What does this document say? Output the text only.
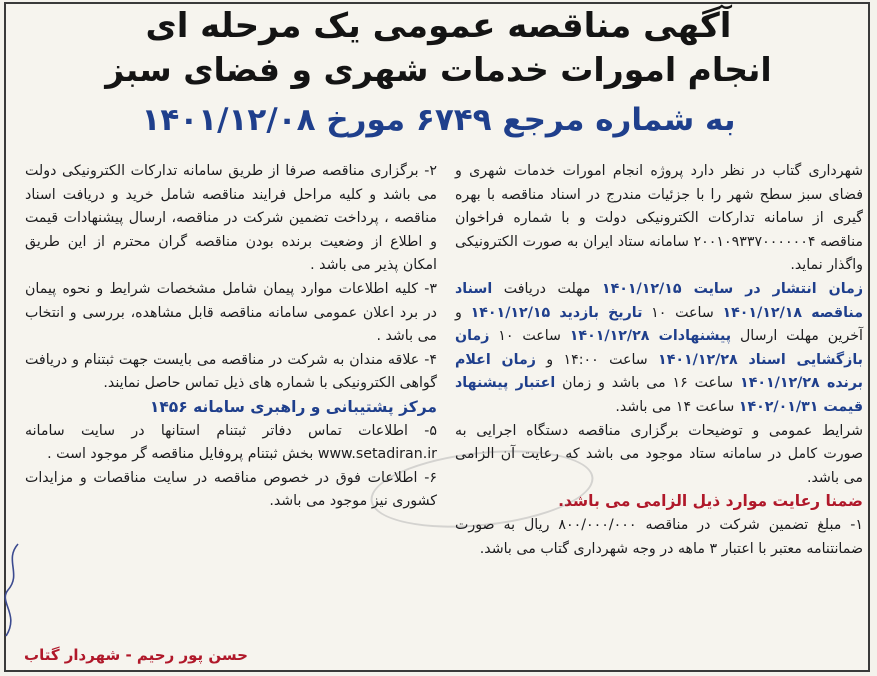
آگهی مناقصه عمومی یک مرحله ای
انجام امورات خدمات شهری و فضای سبز
به شماره مرجع ۶۷۴۹ مورخ ۱۴۰۱/۱۲/۰۸

شهرداری گتاب در نظر دارد پروژه انجام امورات خدمات شهری و فضای سبز سطح شهر را با جزئیات مندرج در اسناد مناقصه با بهره گیری از سامانه تدارکات الکترونیکی دولت و با شماره فراخوان مناقصه ۲۰۰۱۰۹۳۳۷۰۰۰۰۰۰۴ سامانه ستاد ایران به صورت الکترونیکی واگذار نماید.

زمان انتشار در سایت ۱۴۰۱/۱۲/۱۵ مهلت دریافت اسناد مناقصه ۱۴۰۱/۱۲/۱۸ ساعت ۱۰ تاریخ بازدید ۱۴۰۱/۱۲/۱۵ و آخرین مهلت ارسال پیشنهادات ۱۴۰۱/۱۲/۲۸ ساعت ۱۰ زمان بازگشایی اسناد ۱۴۰۱/۱۲/۲۸ ساعت ۱۴:۰۰ و زمان اعلام برنده ۱۴۰۱/۱۲/۲۸ ساعت ۱۶ می باشد و زمان اعتبار پیشنهاد قیمت ۱۴۰۲/۰۱/۳۱ ساعت ۱۴ می باشد.

شرایط عمومی و توضیحات برگزاری مناقصه دستگاه اجرایی به صورت کامل در سامانه ستاد موجود می باشد که رعایت آن الزامی می باشد.

ضمنا رعایت موارد ذیل الزامی می باشد.

۱- مبلغ تضمین شرکت در مناقصه ۸۰۰/۰۰۰/۰۰۰ ریال به صورت ضمانتنامه معتبر با اعتبار ۳ ماهه در وجه شهرداری گتاب می باشد.

۲- برگزاری مناقصه صرفا از طریق سامانه تدارکات الکترونیکی دولت می باشد و کلیه مراحل فرایند مناقصه شامل خرید و دریافت اسناد مناقصه ، پرداخت تضمین شرکت در مناقصه، ارسال پیشنهادات قیمت و اطلاع از وضعیت برنده بودن مناقصه گران محترم از این طریق امکان پذیر می باشد .

۳- کلیه اطلاعات موارد پیمان شامل مشخصات شرایط و نحوه پیمان در برد اعلان عمومی سامانه مناقصه قابل مشاهده، بررسی و انتخاب می باشد .

۴- علاقه مندان به شرکت در مناقصه می بایست جهت ثبتنام و دریافت گواهی الکترونیکی با شماره های ذیل تماس حاصل نمایند.

مرکز پشتیبانی و راهبری سامانه ۱۴۵۶

۵- اطلاعات تماس دفاتر ثبتنام استانها در سایت سامانه www.setadiran.ir بخش ثبتنام پروفایل مناقصه گر موجود است .

۶- اطلاعات فوق در خصوص مناقصه در سایت مناقصات و مزایدات کشوری نیز موجود می باشد.

حسن پور رحیم - شهردار گتاب
